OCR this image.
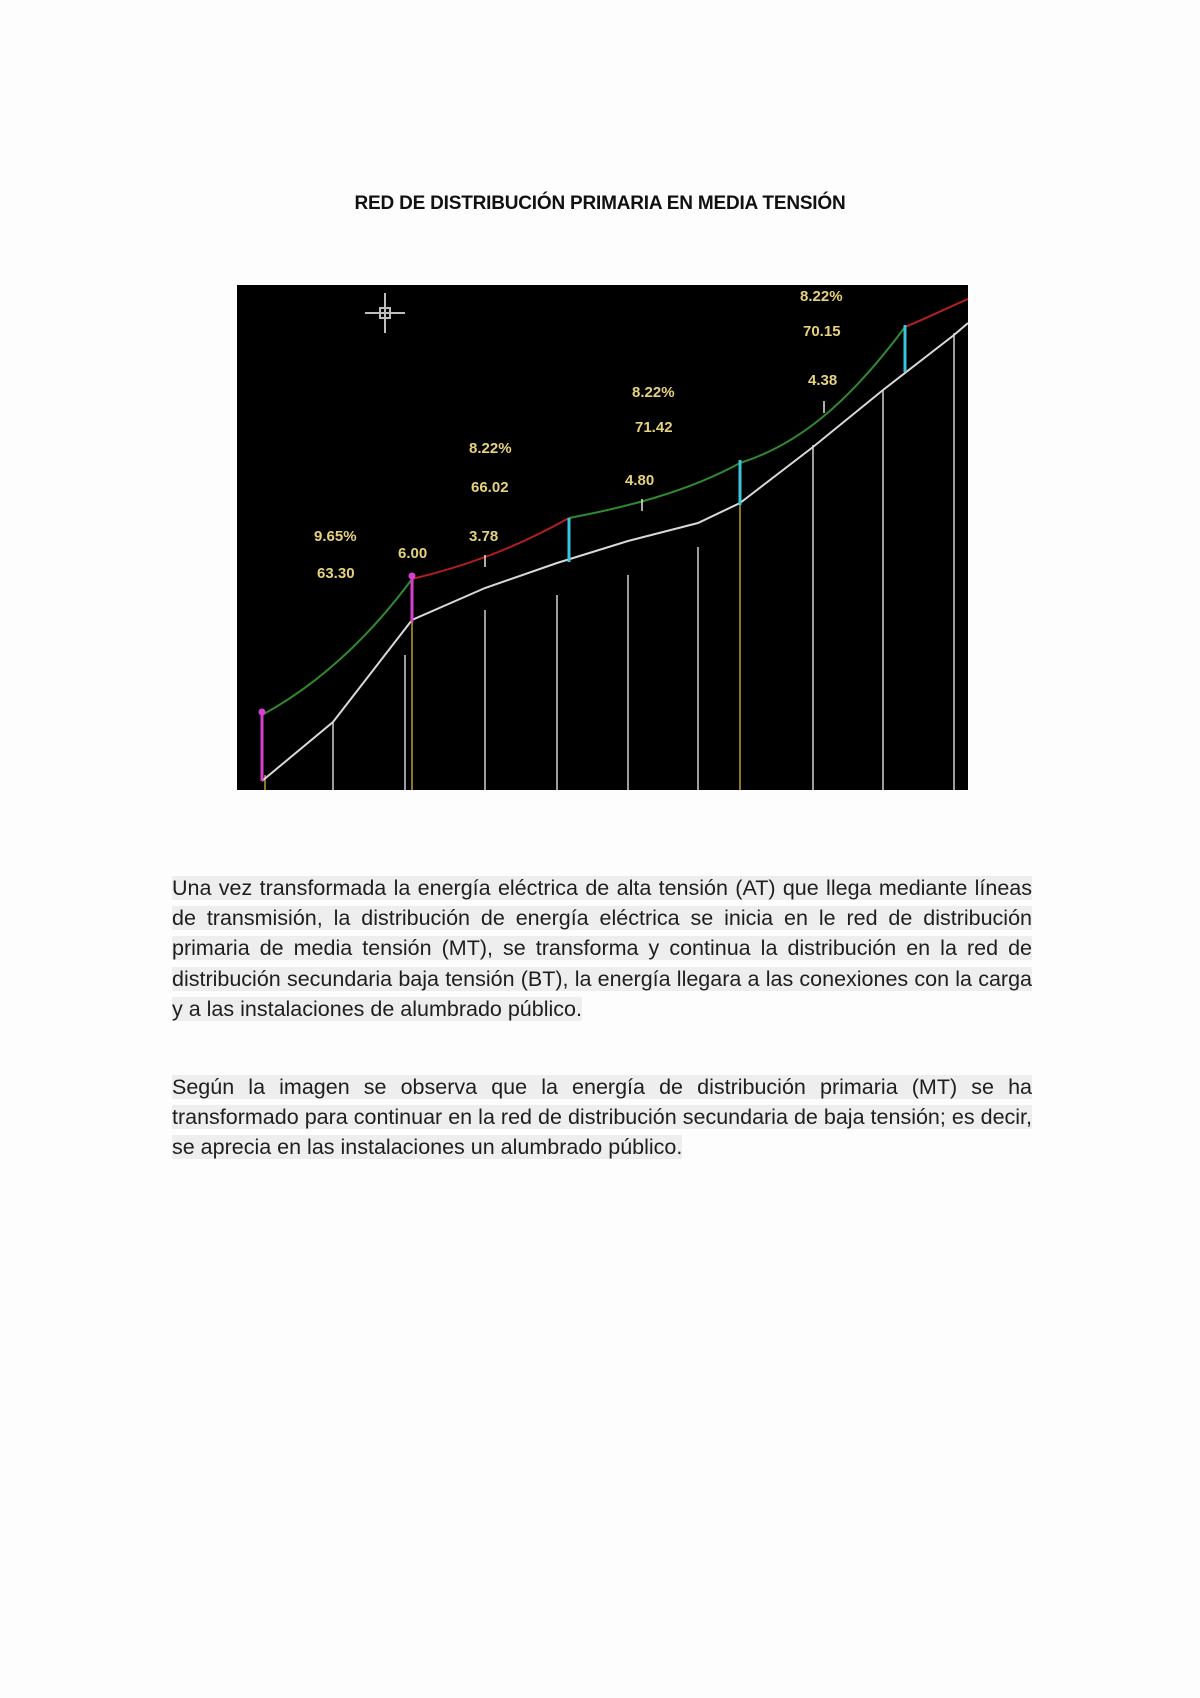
RED DE DISTRIBUCIÓN PRIMARIA EN MEDIA TENSIÓN
9.65%
63.30
6.00
8.22%
66.02
3.78
8.22%
71.42
4.80
8.22%
70.15
4.38
Una vez transformada la energía eléctrica de alta tensión (AT) que llega mediante líneas de transmisión, la distribución de energía eléctrica se inicia en le red de distribución primaria de media tensión (MT), se transforma y continua la distribución en la red de distribución secundaria baja tensión (BT), la energía llegara a las conexiones con la carga y a las instalaciones de alumbrado público.
Según la imagen se observa que la energía de distribución primaria (MT) se ha transformado para continuar en la red de distribución secundaria de baja tensión; es decir, se aprecia en las instalaciones un alumbrado público.
